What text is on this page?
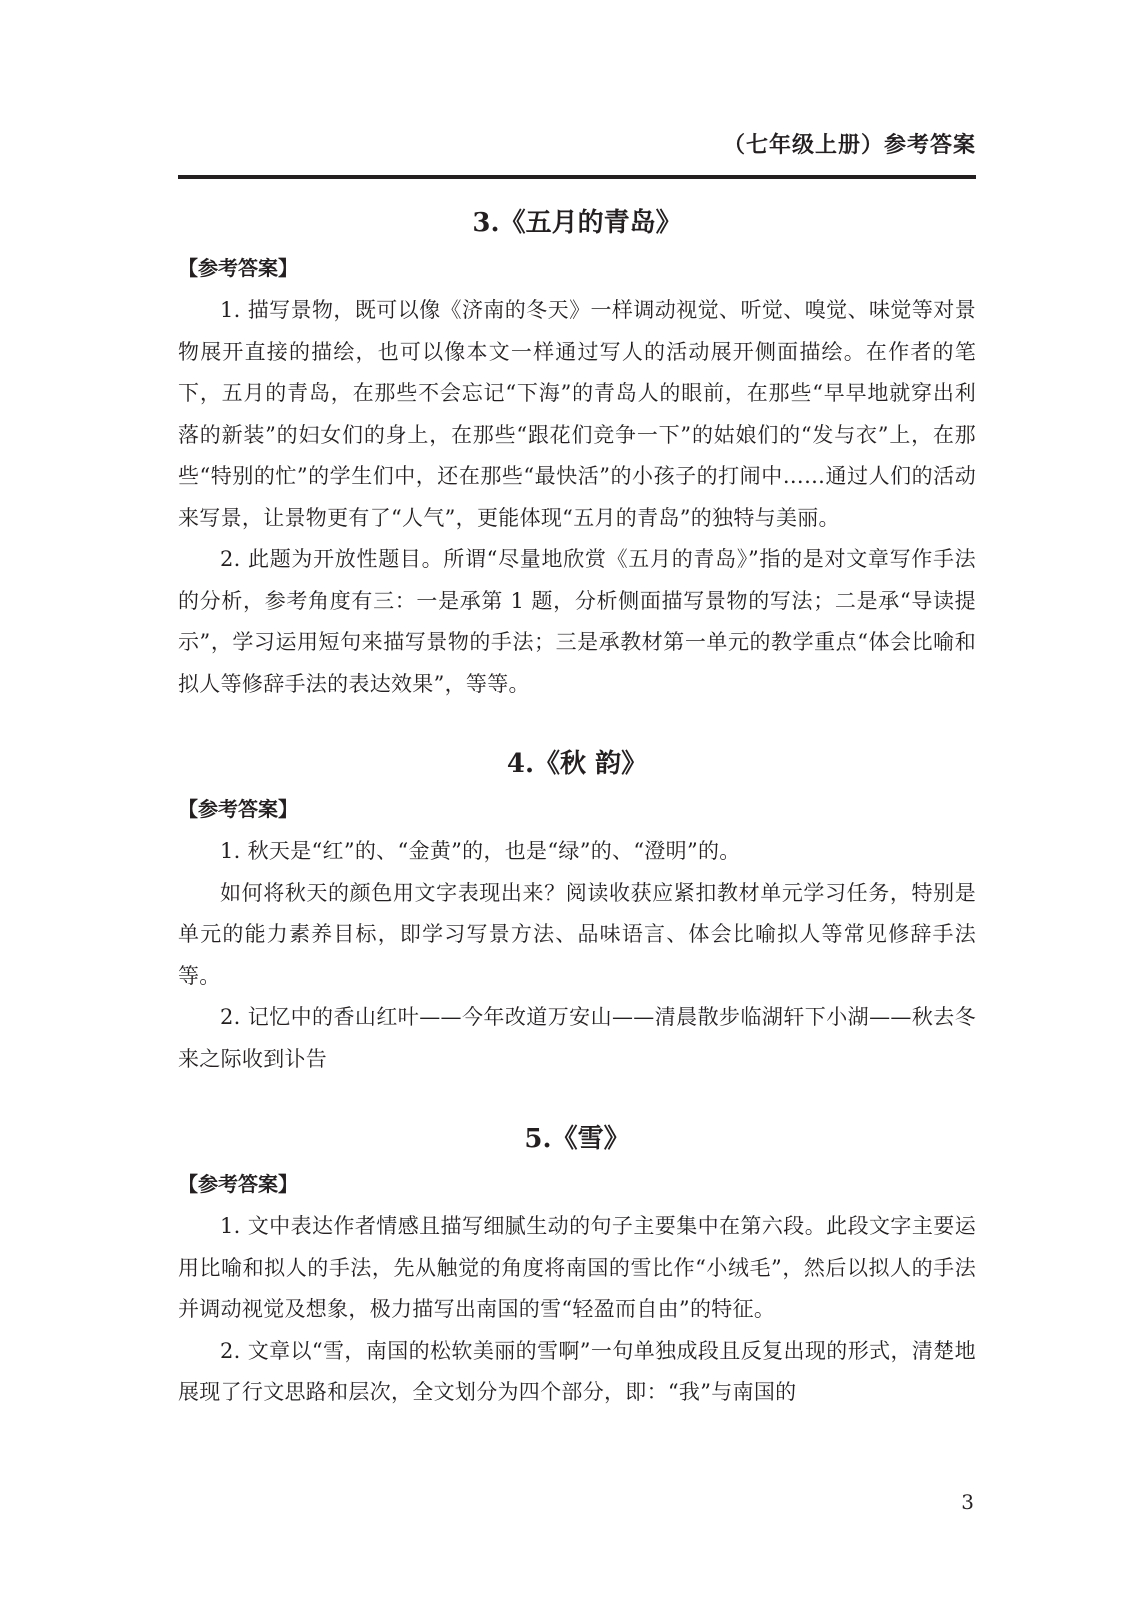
（七年级上册）参考答案
3.《五月的青岛》
【参考答案】

1. 描写景物，既可以像《济南的冬天》一样调动视觉、听觉、嗅觉、味觉等对景物展开直接的描绘，也可以像本文一样通过写人的活动展开侧面描绘。在作者的笔下，五月的青岛，在那些不会忘记“下海”的青岛人的眼前，在那些“早早地就穿出利落的新装”的妇女们的身上，在那些“跟花们竞争一下”的姑娘们的“发与衣”上，在那些“特别的忙”的学生们中，还在那些“最快活”的小孩子的打闹中……通过人们的活动来写景，让景物更有了“人气”，更能体现“五月的青岛”的独特与美丽。

2. 此题为开放性题目。所谓“尽量地欣赏《五月的青岛》”指的是对文章写作手法的分析，参考角度有三：一是承第 1 题，分析侧面描写景物的写法；二是承“导读提示”，学习运用短句来描写景物的手法；三是承教材第一单元的教学重点“体会比喻和拟人等修辞手法的表达效果”，等等。

4.《秋 韵》
【参考答案】

1. 秋天是“红”的、“金黄”的，也是“绿”的、“澄明”的。

如何将秋天的颜色用文字表现出来？阅读收获应紧扣教材单元学习任务，特别是单元的能力素养目标，即学习写景方法、品味语言、体会比喻拟人等常见修辞手法等。

2. 记忆中的香山红叶——今年改道万安山——清晨散步临湖轩下小湖——秋去冬来之际收到讣告

5.《雪》
【参考答案】

1. 文中表达作者情感且描写细腻生动的句子主要集中在第六段。此段文字主要运用比喻和拟人的手法，先从触觉的角度将南国的雪比作“小绒毛”，然后以拟人的手法并调动视觉及想象，极力描写出南国的雪“轻盈而自由”的特征。

2. 文章以“雪，南国的松软美丽的雪啊”一句单独成段且反复出现的形式，清楚地展现了行文思路和层次，全文划分为四个部分，即：“我”与南国的

3
